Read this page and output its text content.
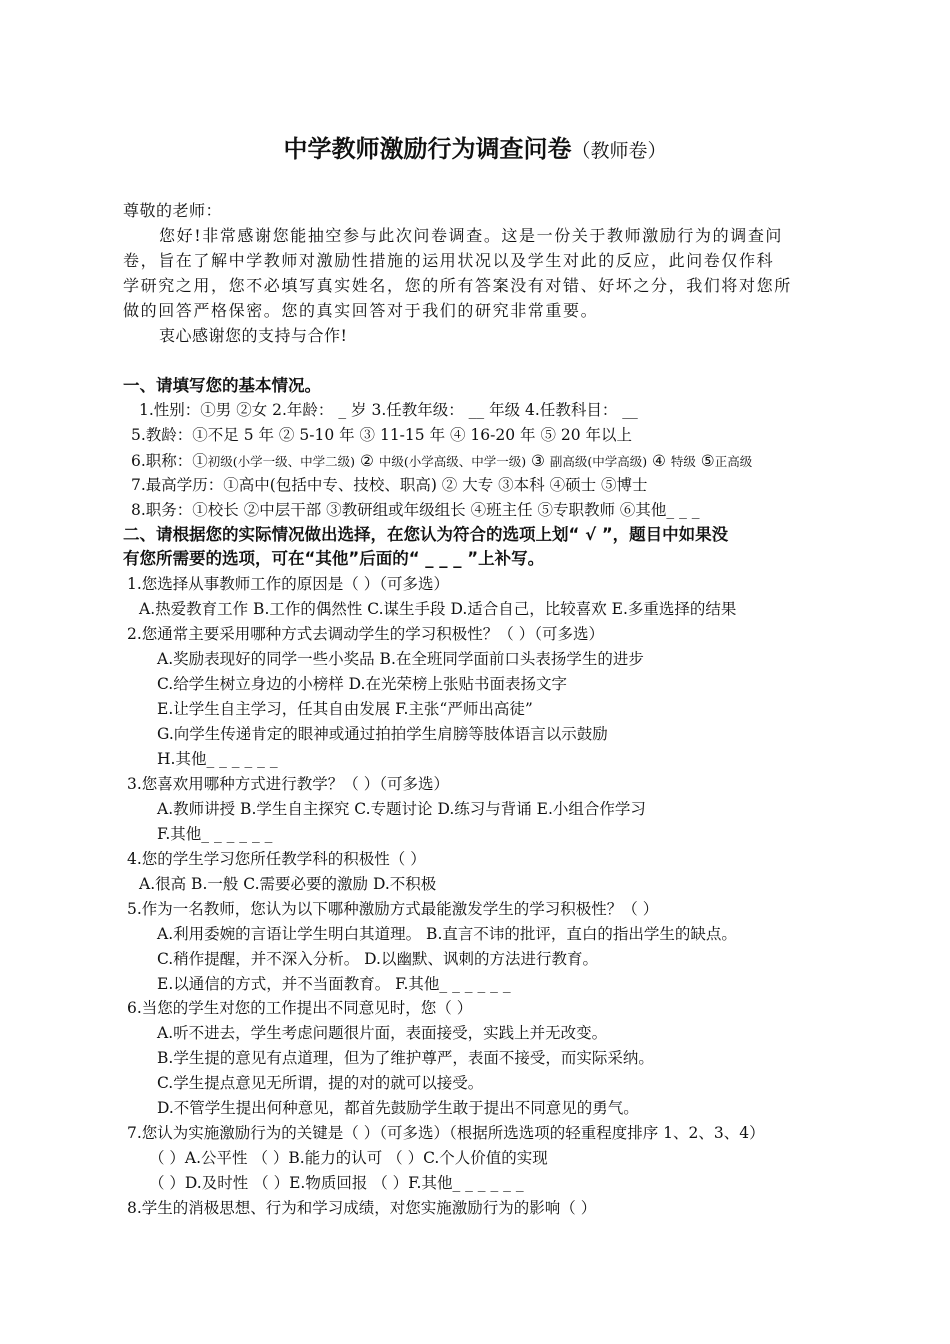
中学教师激励行为调查问卷（教师卷）
尊敬的老师：
您好!非常感谢您能抽空参与此次问卷调查。这是一份关于教师激励行为的调查问
卷，旨在了解中学教师对激励性措施的运用状况以及学生对此的反应，此问卷仅作科
学研究之用，您不必填写真实姓名，您的所有答案没有对错、好坏之分，我们将对您所
做的回答严格保密。您的真实回答对于我们的研究非常重要。
衷心感谢您的支持与合作!
一、请填写您的基本情况。
1.性别：①男 ②女 2.年龄： _ 岁 3.任教年级： __ 年级 4.任教科目： __
5.教龄：①不足 5 年 ② 5-10 年 ③ 11-15 年 ④ 16-20 年 ⑤ 20 年以上
6.职称：①初级(小学一级、中学二级) ② 中级(小学高级、中学一级) ③ 副高级(中学高级) ④ 特级 ⑤正高级
7.最高学历：①高中(包括中专、技校、职高) ② 大专 ③本科 ④硕士 ⑤博士
8.职务：①校长 ②中层干部 ③教研组或年级组长 ④班主任 ⑤专职教师 ⑥其他_ _ _
二、请根据您的实际情况做出选择，在您认为符合的选项上划“ √ ”，题目中如果没
有您所需要的选项，可在“其他”后面的“ _ _ _ ”上补写。
1.您选择从事教师工作的原因是（ ）（可多选）
A.热爱教育工作 B.工作的偶然性 C.谋生手段 D.适合自己，比较喜欢 E.多重选择的结果
2.您通常主要采用哪种方式去调动学生的学习积极性？（ ）（可多选）
A.奖励表现好的同学一些小奖品 B.在全班同学面前口头表扬学生的进步
C.给学生树立身边的小榜样 D.在光荣榜上张贴书面表扬文字
E.让学生自主学习，任其自由发展 F.主张“严师出高徒”
G.向学生传递肯定的眼神或通过拍拍学生肩膀等肢体语言以示鼓励
H.其他_ _ _ _ _ _
3.您喜欢用哪种方式进行教学？（ ）（可多选）
A.教师讲授 B.学生自主探究 C.专题讨论 D.练习与背诵 E.小组合作学习
F.其他_ _ _ _ _ _
4.您的学生学习您所任教学科的积极性（ ）
A.很高 B.一般 C.需要必要的激励 D.不积极
5.作为一名教师，您认为以下哪种激励方式最能激发学生的学习积极性？（ ）
A.利用委婉的言语让学生明白其道理。 B.直言不讳的批评，直白的指出学生的缺点。
C.稍作提醒，并不深入分析。 D.以幽默、讽刺的方法进行教育。
E.以通信的方式，并不当面教育。 F.其他_ _ _ _ _ _
6.当您的学生对您的工作提出不同意见时，您（ ）
A.听不进去，学生考虑问题很片面，表面接受，实践上并无改变。
B.学生提的意见有点道理，但为了维护尊严，表面不接受，而实际采纳。
C.学生提点意见无所谓，提的对的就可以接受。
D.不管学生提出何种意见，都首先鼓励学生敢于提出不同意见的勇气。
7.您认为实施激励行为的关键是（ ）（可多选）（根据所选选项的轻重程度排序 1、2、3、4）
（ ）A.公平性 （ ）B.能力的认可 （ ）C.个人价值的实现
（ ）D.及时性 （ ）E.物质回报 （ ）F.其他_ _ _ _ _ _
8.学生的消极思想、行为和学习成绩，对您实施激励行为的影响（ ）
